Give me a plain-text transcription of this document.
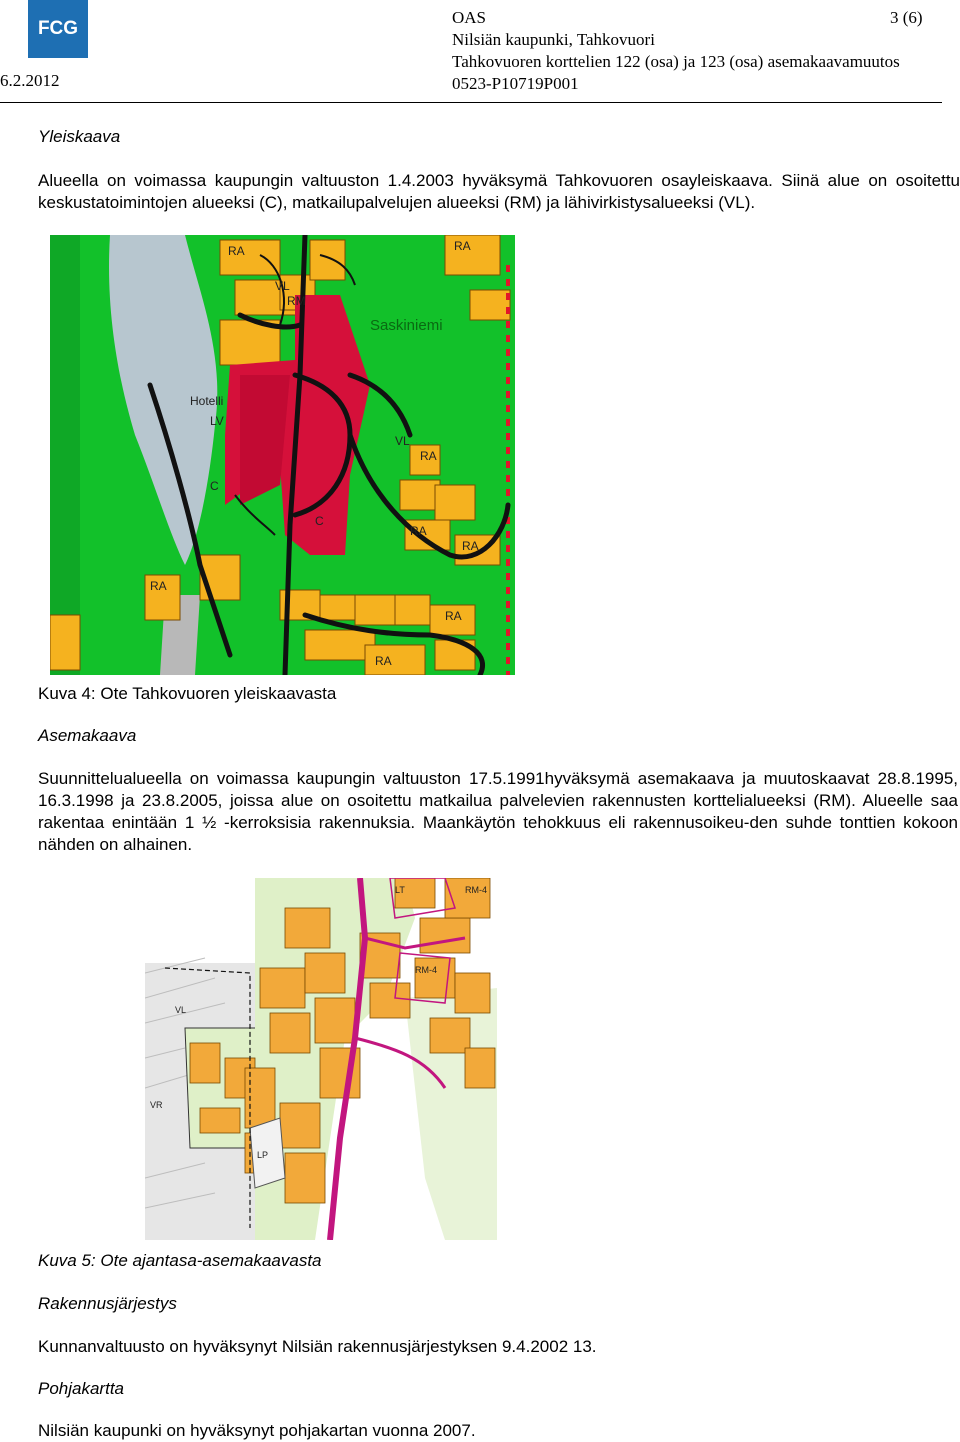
FCG
6.2.2012
OAS	3 (6)
Nilsiän kaupunki, Tahkovuori
Tahkovuoren korttelien 122 (osa) ja 123 (osa) asemakaavamuutos
0523-P10719P001
Yleiskaava
Alueella on voimassa kaupungin valtuuston 1.4.2003 hyväksymä Tahkovuoren osayleiskaava. Siinä alue on osoitettu keskustatoimintojen alueeksi (C), matkailupalvelujen alueeksi (RM) ja lähivirkistysalueeksi (VL).
RA
RM
VL
RA
RA
RA
RA
RA
RA
RA
VL
C
C
Hotelli
LV
Saskiniemi
Kuva 4: Ote Tahkovuoren yleiskaavasta
Asemakaava
Suunnittelualueella on voimassa kaupungin valtuuston 17.5.1991hyväksymä asemakaava ja muutoskaavat 28.8.1995, 16.3.1998 ja 23.8.2005, joissa alue on osoitettu matkailua palvelevien rakennusten korttelialueeksi (RM). Alueelle saa rakentaa enintään 1 ½ -kerroksisia rakennuksia. Maankäytön tehokkuus eli rakennusoikeu-den suhde tonttien kokoon nähden on alhainen.
VL
VR
RM-4
RM-4
LP
LT
Kuva 5: Ote ajantasa-asemakaavasta
Rakennusjärjestys
Kunnanvaltuusto on hyväksynyt Nilsiän rakennusjärjestyksen 9.4.2002 13.
Pohjakartta
Nilsiän kaupunki on hyväksynyt pohjakartan vuonna 2007.
